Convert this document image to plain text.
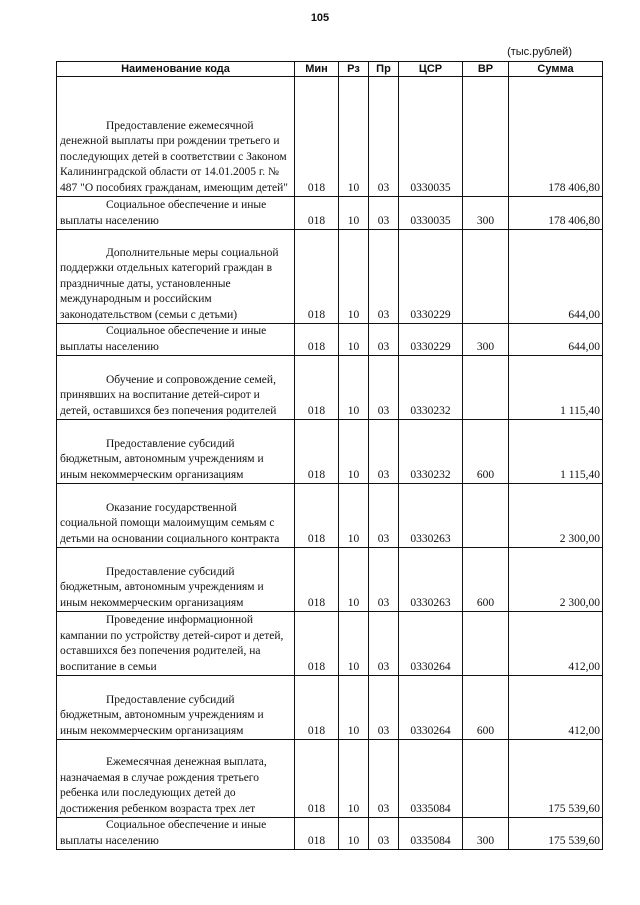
105
(тыс.рублей)
Наименование кода	Мин	Рз	Пр	ЦСР	ВР	Сумма

Предоставление ежемесячной денежной выплаты при рождении третьего и последующих детей в соответствии с Законом Калининградской области от 14.01.2005 г. № 487 "О пособиях гражданам, имеющим детей"	018	10	03	0330035		178 406,80

Социальное обеспечение и иные выплаты населению	018	10	03	0330035	300	178 406,80

Дополнительные меры социальной поддержки отдельных категорий граждан в праздничные даты, установленные международным и российским законодательством (семьи с детьми)	018	10	03	0330229		644,00

Социальное обеспечение и иные выплаты населению	018	10	03	0330229	300	644,00

Обучение и сопровождение семей, принявших на воспитание детей-сирот и детей, оставшихся без попечения родителей	018	10	03	0330232		1 115,40

Предоставление субсидий бюджетным, автономным учреждениям и иным некоммерческим организациям	018	10	03	0330232	600	1 115,40

Оказание государственной социальной помощи малоимущим семьям с детьми на основании социального контракта	018	10	03	0330263		2 300,00

Предоставление субсидий бюджетным, автономным учреждениям и иным некоммерческим организациям	018	10	03	0330263	600	2 300,00

Проведение информационной кампании по устройству детей-сирот и детей, оставшихся без попечения родителей, на воспитание в семьи	018	10	03	0330264		412,00

Предоставление субсидий бюджетным, автономным учреждениям и иным некоммерческим организациям	018	10	03	0330264	600	412,00

Ежемесячная денежная выплата, назначаемая в случае рождения третьего ребенка или последующих детей до достижения ребенком возраста трех лет	018	10	03	0335084		175 539,60

Социальное обеспечение и иные выплаты населению	018	10	03	0335084	300	175 539,60
